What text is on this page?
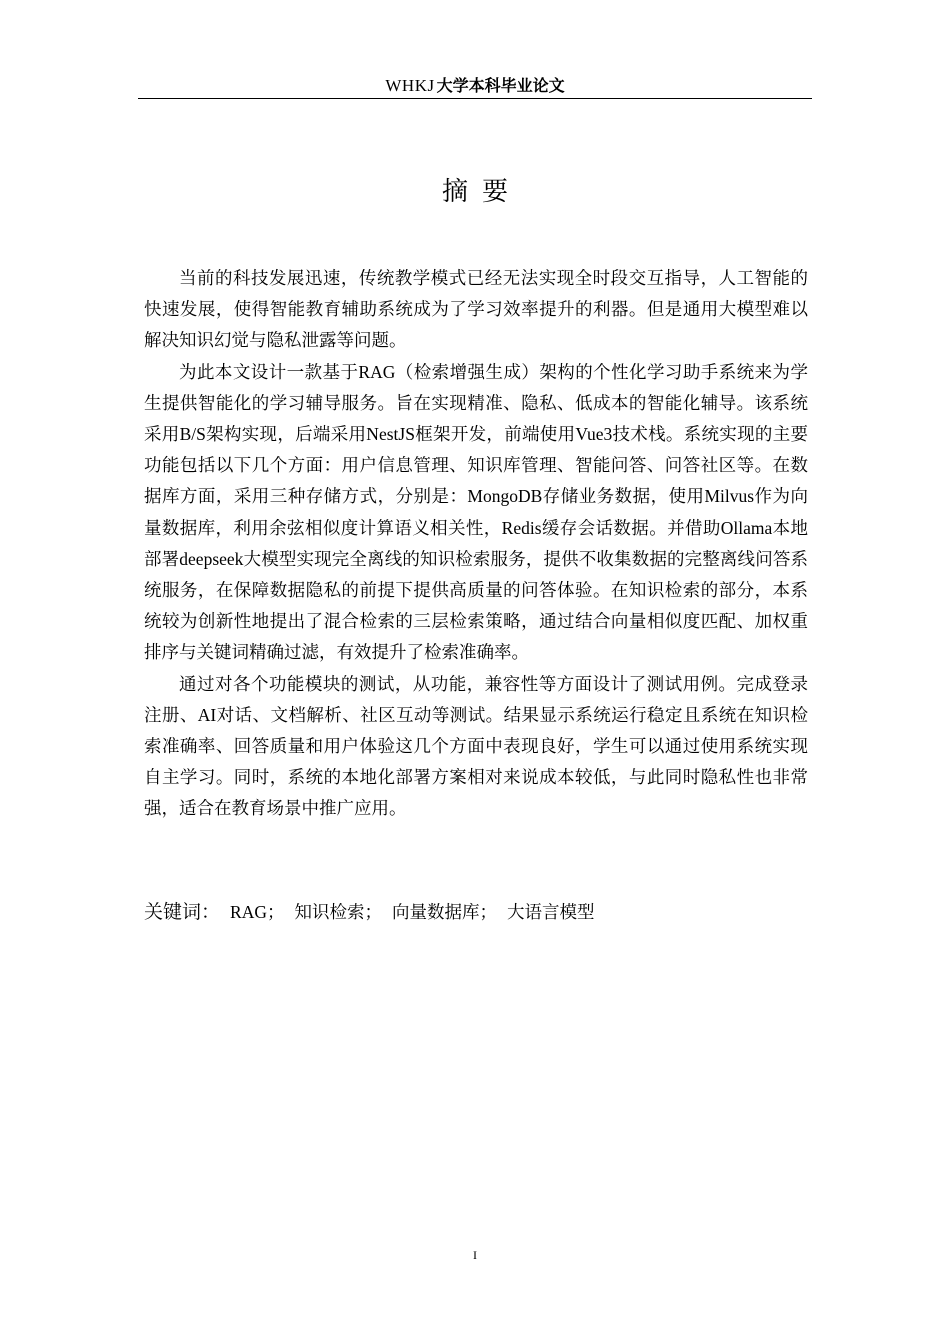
WHKJ 大学本科毕业论文
摘要

当前的科技发展迅速，传统教学模式已经无法实现全时段交互指导，人工智能的快速发展，使得智能教育辅助系统成为了学习效率提升的利器。但是通用大模型难以解决知识幻觉与隐私泄露等问题。

为此本文设计一款基于RAG（检索增强生成）架构的个性化学习助手系统来为学生提供智能化的学习辅导服务。旨在实现精准、隐私、低成本的智能化辅导。该系统采用B/S架构实现，后端采用NestJS框架开发，前端使用Vue3技术栈。系统实现的主要功能包括以下几个方面：用户信息管理、知识库管理、智能问答、问答社区等。在数据库方面，采用三种存储方式，分别是：MongoDB存储业务数据，使用Milvus作为向量数据库，利用余弦相似度计算语义相关性，Redis缓存会话数据。并借助Ollama本地部署deepseek大模型实现完全离线的知识检索服务，提供不收集数据的完整离线问答系统服务，在保障数据隐私的前提下提供高质量的问答体验。在知识检索的部分，本系统较为创新性地提出了混合检索的三层检索策略，通过结合向量相似度匹配、加权重排序与关键词精确过滤，有效提升了检索准确率。

通过对各个功能模块的测试，从功能，兼容性等方面设计了测试用例。完成登录注册、AI对话、文档解析、社区互动等测试。结果显示系统运行稳定且系统在知识检索准确率、回答质量和用户体验这几个方面中表现良好，学生可以通过使用系统实现自主学习。同时，系统的本地化部署方案相对来说成本较低，与此同时隐私性也非常强，适合在教育场景中推广应用。

关键词： RAG； 知识检索； 向量数据库； 大语言模型
I
